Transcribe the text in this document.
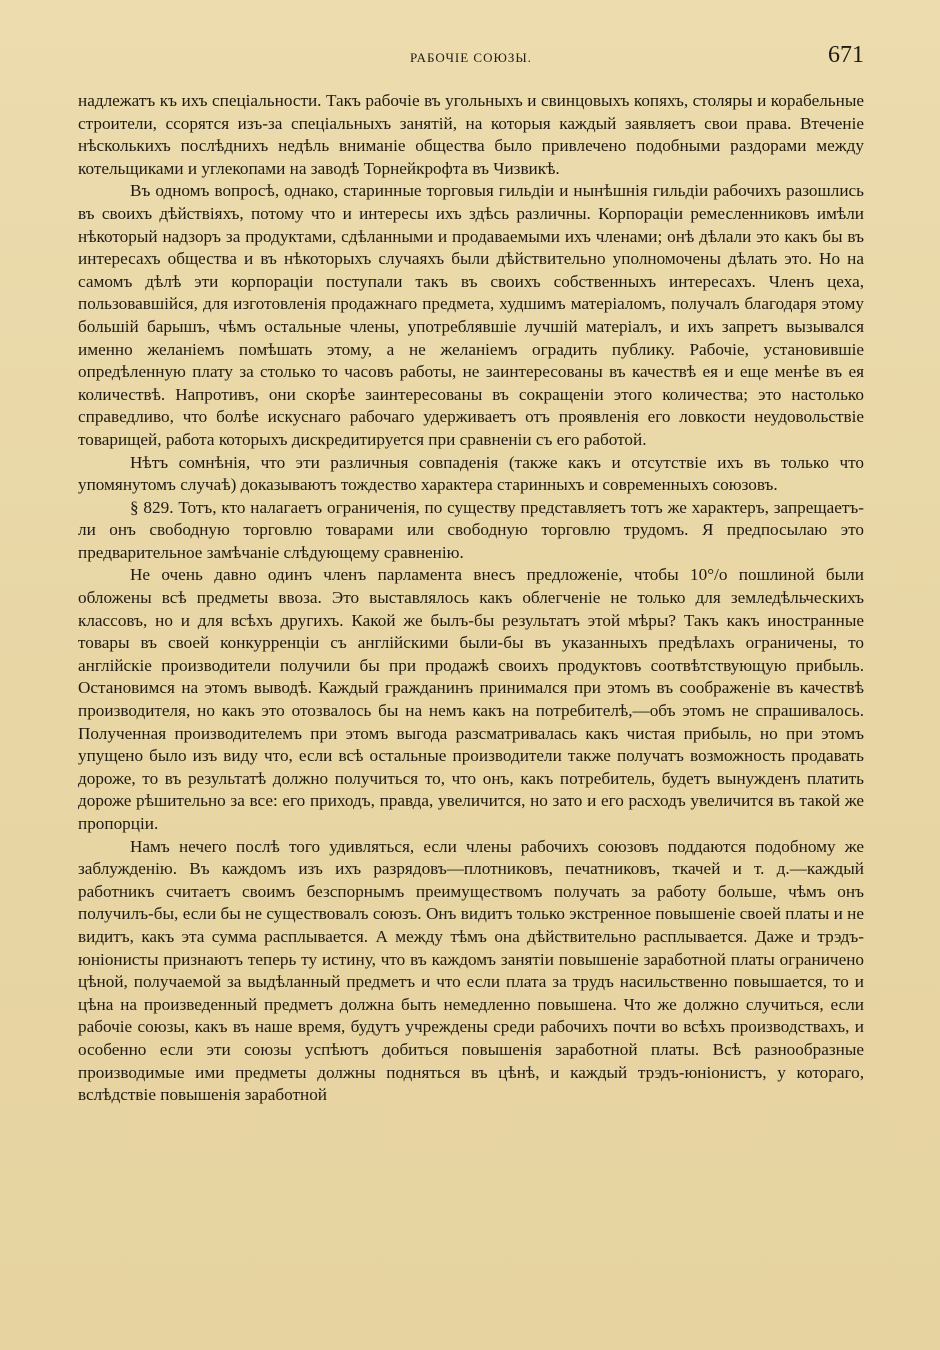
РАБОЧІЕ СОЮЗЫ.	671

надлежатъ къ ихъ спеціальности. Такъ рабочіе въ угольныхъ и свинцовыхъ копяхъ, столяры и корабельные строители, ссорятся изъ-за спеціальныхъ занятій, на которыя каждый заявляетъ свои права. Втеченіе нѣсколькихъ послѣднихъ недѣль вниманіе общества было привлечено подобными раздорами между котельщиками и углекопами на заводѣ Торнейкрофта въ Чизвикѣ.

Въ одномъ вопросѣ, однако, старинные торговыя гильдіи и нынѣшнія гильдіи рабочихъ разошлись въ своихъ дѣйствіяхъ, потому что и интересы ихъ здѣсь различны. Корпораціи ремесленниковъ имѣли нѣкоторый надзоръ за продуктами, сдѣланными и продаваемыми ихъ членами; онѣ дѣлали это какъ бы въ интересахъ общества и въ нѣкоторыхъ случаяхъ были дѣйствительно уполномочены дѣлать это. Но на самомъ дѣлѣ эти корпораціи поступали такъ въ своихъ собственныхъ интересахъ. Членъ цеха, пользовавшійся, для изготовленія продажнаго предмета, худшимъ матеріаломъ, получалъ благодаря этому большій барышъ, чѣмъ остальные члены, употреблявшіе лучшій матеріалъ, и ихъ запретъ вызывался именно желаніемъ помѣшать этому, а не желаніемъ оградить публику. Рабочіе, установившіе опредѣленную плату за столько то часовъ работы, не заинтересованы въ качествѣ ея и еще менѣе въ ея количествѣ. Напротивъ, они скорѣе заинтересованы въ сокращеніи этого количества; это настолько справедливо, что болѣе искуснаго рабочаго удерживаетъ отъ проявленія его ловкости неудовольствіе товарищей, работа которыхъ дискредитируется при сравненіи съ его работой.

Нѣтъ сомнѣнія, что эти различныя совпаденія (также какъ и отсутствіе ихъ въ только что упомянутомъ случаѣ) доказываютъ тождество характера старинныхъ и современныхъ союзовъ.

§ 829. Тотъ, кто налагаетъ ограниченія, по существу представляетъ тотъ же характеръ, запрещаетъ-ли онъ свободную торговлю товарами или свободную торговлю трудомъ. Я предпосылаю это предварительное замѣчаніе слѣдующему сравненію.

Не очень давно одинъ членъ парламента внесъ предложеніе, чтобы 10°/о пошлиной были обложены всѣ предметы ввоза. Это выставлялось какъ облегченіе не только для земледѣльческихъ классовъ, но и для всѣхъ другихъ. Какой же былъ-бы результатъ этой мѣры? Такъ какъ иностранные товары въ своей конкурренціи съ англійскими были-бы въ указанныхъ предѣлахъ ограничены, то англійскіе производители получили бы при продажѣ своихъ продуктовъ соотвѣтствующую прибыль. Остановимся на этомъ выводѣ. Каждый гражданинъ принимался при этомъ въ соображеніе въ качествѣ производителя, но какъ это отозвалось бы на немъ какъ на потребителѣ,—объ этомъ не спрашивалось. Полученная производителемъ при этомъ выгода разсматривалась какъ чистая прибыль, но при этомъ упущено было изъ виду что, если всѣ остальные производители также получатъ возможность продавать дороже, то въ результатѣ должно получиться то, что онъ, какъ потребитель, будетъ вынужденъ платить дороже рѣшительно за все: его приходъ, правда, увеличится, но зато и его расходъ увеличится въ такой же пропорціи.

Намъ нечего послѣ того удивляться, если члены рабочихъ союзовъ поддаются подобному же заблужденію. Въ каждомъ изъ ихъ разрядовъ—плотниковъ, печатниковъ, ткачей и т. д.—каждый работникъ считаетъ своимъ безспорнымъ преимуществомъ получать за работу больше, чѣмъ онъ получилъ-бы, если бы не существовалъ союзъ. Онъ видитъ только экстренное повышеніе своей платы и не видитъ, какъ эта сумма расплывается. А между тѣмъ она дѣйствительно расплывается. Даже и трэдъ-юніонисты признаютъ теперь ту истину, что въ каждомъ занятіи повышеніе заработной платы ограничено цѣной, получаемой за выдѣланный предметъ и что если плата за трудъ насильственно повышается, то и цѣна на произведенный предметъ должна быть немедленно повышена. Что же должно случиться, если рабочіе союзы, какъ въ наше время, будутъ учреждены среди рабочихъ почти во всѣхъ производствахъ, и особенно если эти союзы успѣютъ добиться повышенія заработной платы. Всѣ разнообразные производимые ими предметы должны подняться въ цѣнѣ, и каждый трэдъ-юніонистъ, у котораго, вслѣдствіе повышенія заработной
